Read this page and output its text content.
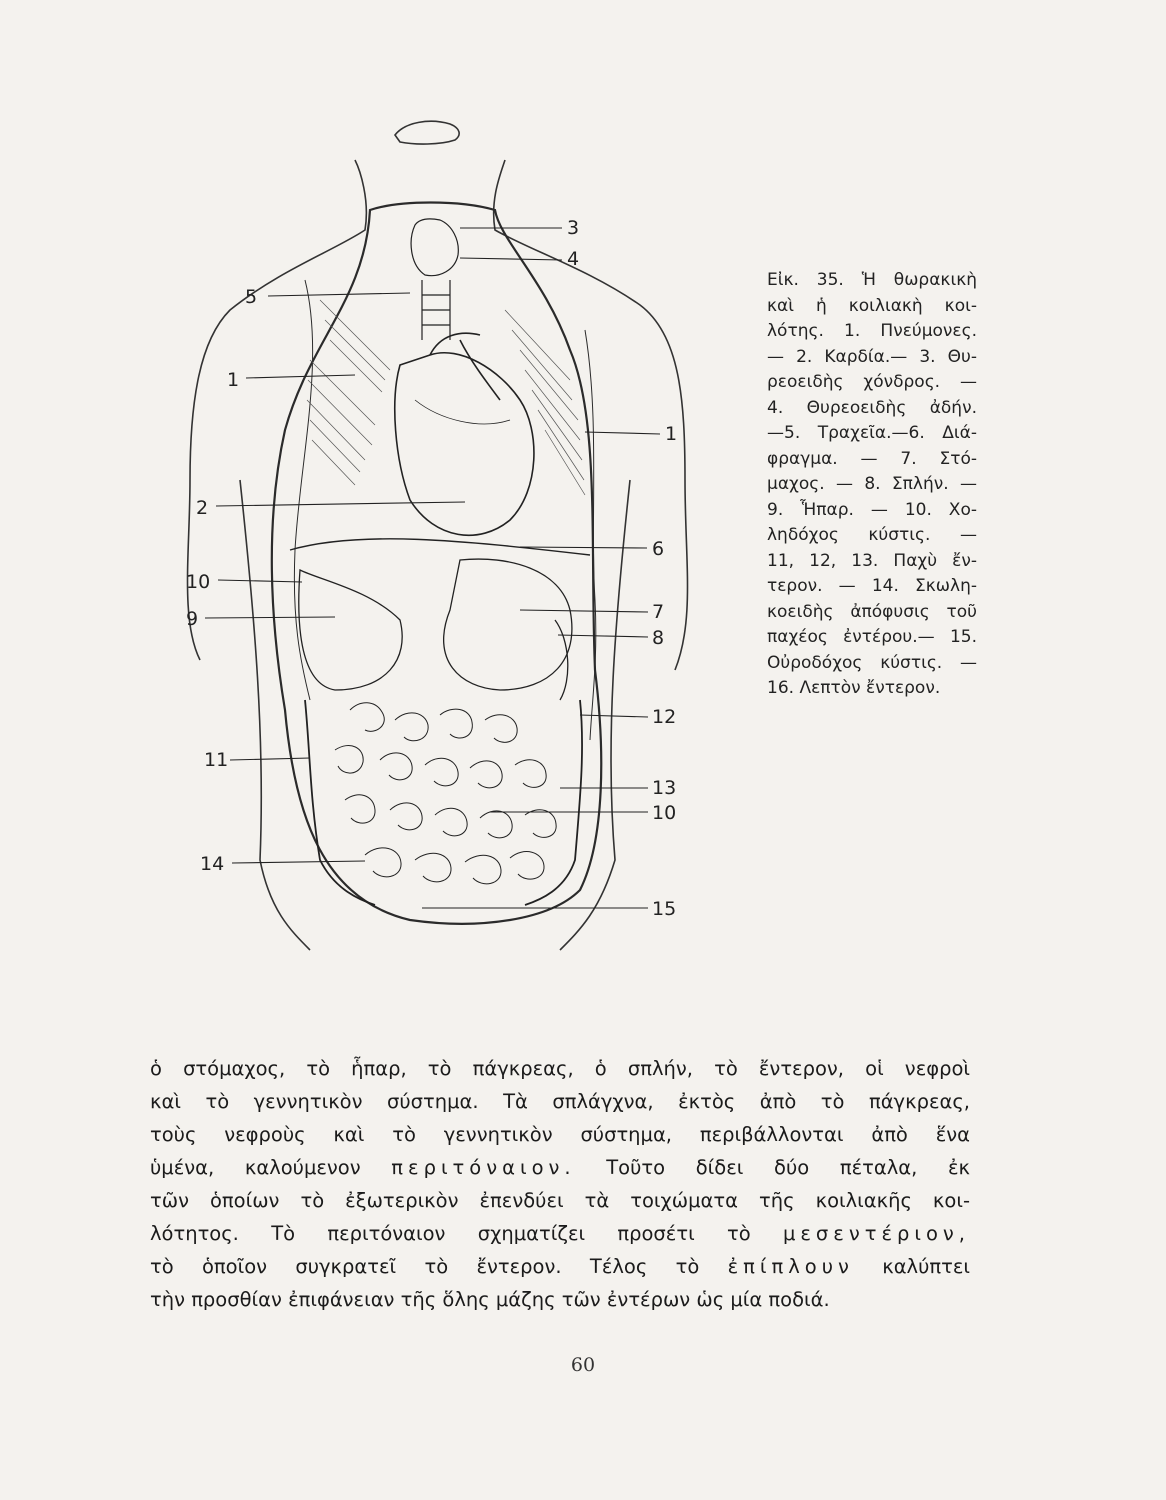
3
4
5
1
1
2
6
10
9	7
8
12
11
13
10
14
15
Εἰκ. 35. Ἡ θωρακικὴ
καὶ ἡ κοιλιακὴ κοι-
λότης. 1. Πνεύμονες.
— 2. Καρδία.— 3. Θυ-
ρεοειδὴς χόνδρος. —
4. Θυρεοειδὴς ἀδήν.
—5. Τραχεῖα.—6. Διά-
φραγμα. — 7. Στό-
μαχος. — 8. Σπλήν. —
9. Ἧπαρ. — 10. Χο-
ληδόχος κύστις. —
11, 12, 13. Παχὺ ἔν-
τερον. — 14. Σκωλη-
κοειδὴς ἀπόφυσις τοῦ
παχέος ἐντέρου.— 15.
Οὐροδόχος κύστις. —
16. Λεπτὸν ἔντερον.
ὁ στόμαχος, τὸ ἧπαρ, τὸ πάγκρεας, ὁ σπλήν, τὸ ἔντερον, οἱ νεφροὶ
καὶ τὸ γεννητικὸν σύστημα. Τὰ σπλάγχνα, ἐκτὸς ἀπὸ τὸ πάγκρεας,
τοὺς νεφροὺς καὶ τὸ γεννητικὸν σύστημα, περιβάλλονται ἀπὸ ἕνα
ὑμένα, καλούμενον περιτόναιον. Τοῦτο δίδει δύο πέταλα, ἐκ
τῶν ὁποίων τὸ ἐξωτερικὸν ἐπενδύει τὰ τοιχώματα τῆς κοιλιακῆς κοι-
λότητος. Τὸ περιτόναιον σχηματίζει προσέτι τὸ μεσεντέριον,
τὸ ὁποῖον συγκρατεῖ τὸ ἔντερον. Τέλος τὸ ἐπίπλουν καλύπτει
τὴν προσθίαν ἐπιφάνειαν τῆς ὅλης μάζης τῶν ἐντέρων ὡς μία ποδιά.
60
